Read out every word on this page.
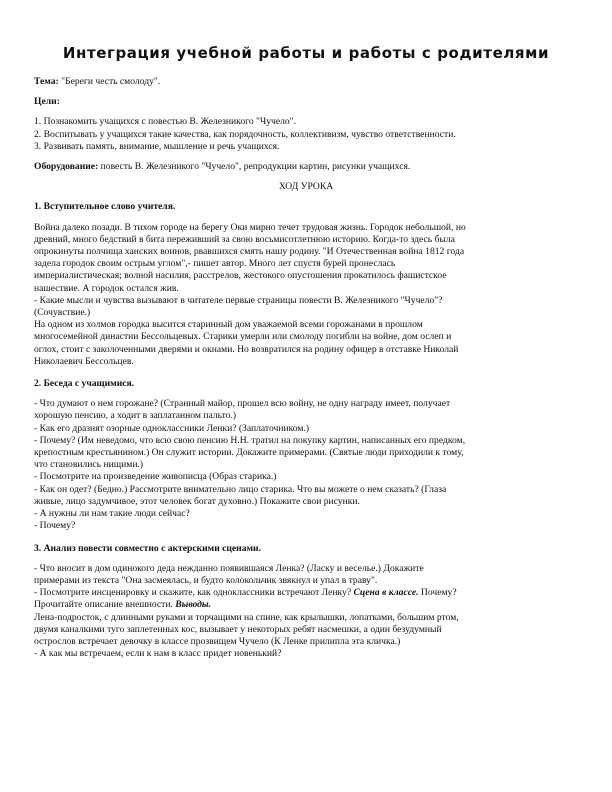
Интеграция учебной работы и работы с родителями

Тема: "Береги честь смолоду".

Цели:

1. Познакомить учащихся с повестью В. Железникого "Чучело".

2. Воспитывать у учащихся такие качества, как порядочность, коллективизм, чувство ответственности.

3. Развивать память, внимание, мышление и речь учащихся.

Оборудование: повесть В. Железникого "Чучело", репродукции картин, рисунки учащихся.

ХОД УРОКА

1. Вступительное слово учителя.

Война далеко позади. В тихом городе на берегу Оки мирно течет трудовая жизнь. Городок небольшой, но

древний, много бедствий в бита переживший за свою восьмисотлетнюю историю. Когда-то здесь была

опрокинуты полчища ханских воинов, рвавшихся смять нашу родину. "И Отечественная война 1812 года

задела городок своим острым углом",- пишет автор. Много лет спустя бурей пронеслась

империалистическая; волной насилия, расстрелов, жестокого опустошения прокатилось фашистское

нашествие. А городок остался жив.

- Какие мысли и чувства вызывают в читателе первые страницы повести В. Железникого "Чучело"?

(Сочувствие.)

На одном из холмов городка высится старинный дом уважаемой всеми горожанами в прошлом

многосемейной династии Бессольцевых. Старики умерли или смолоду погибли на войне, дом ослеп и

оглох, стоит с заколоченными дверями и окнами. Но возвратился на родину офицер в отставке Николай

Николаевич Бессольцев.

2. Беседа с учащимися.

- Что думают о нем горожане? (Странный майор, прошел всю войну, не одну награду имеет, получает

хорошую пенсию, а ходит в заплатанном пальто.)

- Как его дразнят озорные одноклассники Ленки? (Заплаточником.)

- Почему? (Им неведомо, что всю свою пенсию Н.Н. тратил на покупку картин, написанных его предком,

крепостным крестьянином.) Он служит истории. Докажите примерами. (Святые люди приходили к тому,

что становились нищими.)

- Посмотрите на произведение живописца (Образ старика.)

- Как он одет? (Бедно.) Рассмотрите внимательно лицо старика. Что вы можете о нем сказать? (Глаза

живые, лицо задумчивое, этот человек богат духовно.) Покажите свои рисунки.

- А нужны ли нам такие люди сейчас?

- Почему?

3. Анализ повести совместно с актерскими сценами.

- Что вносит в дом одинокого деда нежданно появившаяся Ленка? (Ласку и веселье.) Докажите

примерами из текста "Она засмеялась, и будто колокольчик звякнул и упал в траву".

- Посмотрите инсценировку и скажите, как одноклассники встречают Ленку? Сцена в классе. Почему?

Прочитайте описание внешности. Выводы.

Лена-подросток, с длинными руками и торчащими на спине, как крылышки, лопатками, большим ртом,

двумя каналкими туго заплетенных кос, вызывает у некоторых ребят насмешки, а один безудумный

острослов встречает девочку в классе прозвищем Чучело (К Ленке прилипла эта кличка.)

- А как мы встречаем, если к нам в класс придет новенький?
